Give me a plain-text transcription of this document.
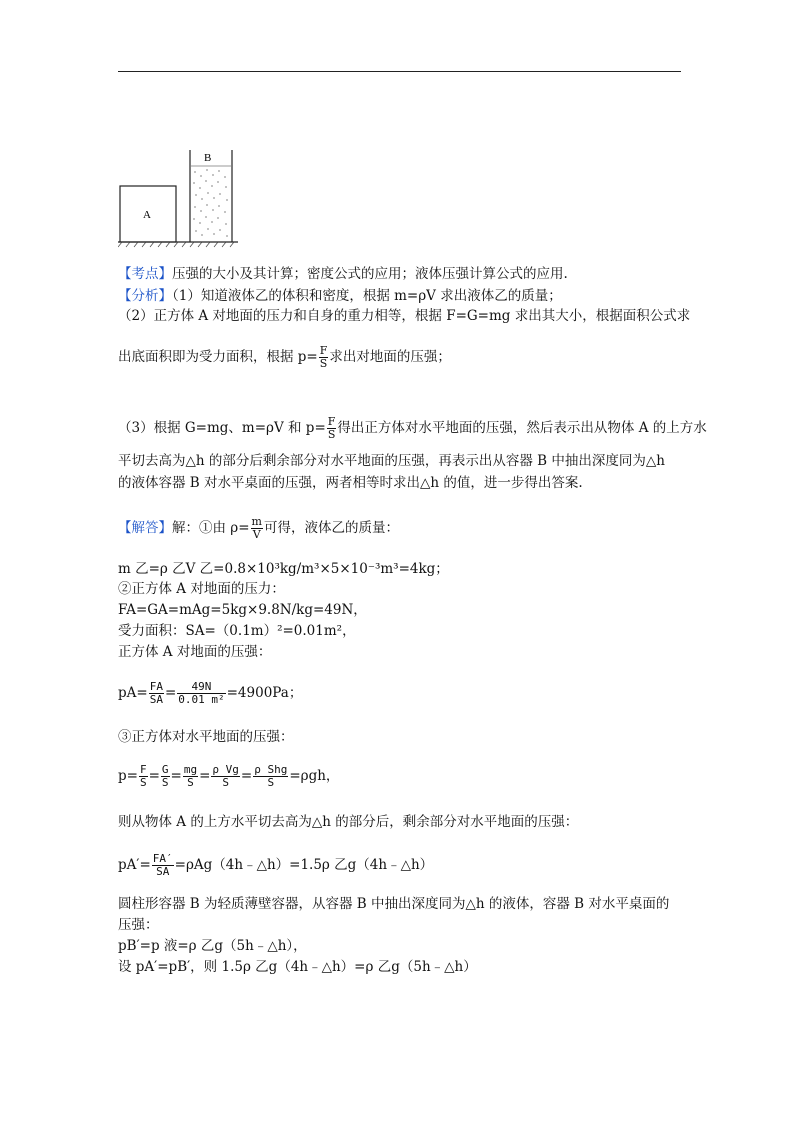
A
B
【考点】压强的大小及其计算；密度公式的应用；液体压强计算公式的应用.
【分析】（1）知道液体乙的体积和密度，根据 m=ρV 求出液体乙的质量；
（2）正方体 A 对地面的压力和自身的重力相等，根据 F=G=mg 求出其大小，根据面积公式求
出底面积即为受力面积，根据 $p= \frac{F}{S}$ 求出对地面的压强；
（3）根据 G=mg、m=ρV 和 $p= \frac{F}{S}$ 得出正方体对水平地面的压强，然后表示出从物体 A 的上方水
平切去高为△h 的部分后剩余部分对水平地面的压强，再表示出从容器 B 中抽出深度同为△h
的液体容器 B 对水平桌面的压强，两者相等时求出△h 的值，进一步得出答案.
【解答】解：①由 $\rho= \frac{m}{V}$ 可得，液体乙的质量：
m 乙=ρ 乙V 乙=0.8×10³kg/m³×5×10⁻³m³=4kg；
②正方体 A 对地面的压力：
FA=GA=mAg=5kg×9.8N/kg=49N，
受力面积：SA=（0.1m）²=0.01m²，
正方体 A 对地面的压强：
$pA= \frac{FA}{SA} = \frac{49N}{\text{0.01 m²}} =4900Pa$；
③正方体对水平地面的压强：
$p= \frac{F}{S} = \frac{G}{S} = \frac{mg}{S} = \frac{\text{ρ Vg}}{S} = \frac{\text{ρ Shg}}{S} =\rho gh$，
则从物体 A 的上方水平切去高为△h 的部分后，剩余部分对水平地面的压强：
$pA'= \frac{FA'}{SA}$ =ρAg（4h﹣△h）=1.5ρ 乙g（4h﹣△h）
圆柱形容器 B 为轻质薄壁容器，从容器 B 中抽出深度同为△h 的液体，容器 B 对水平桌面的
压强：
pB′=p 液=ρ 乙g（5h﹣△h），
设 pA′=pB′，则 1.5ρ 乙g（4h﹣△h）=ρ 乙g（5h﹣△h）
